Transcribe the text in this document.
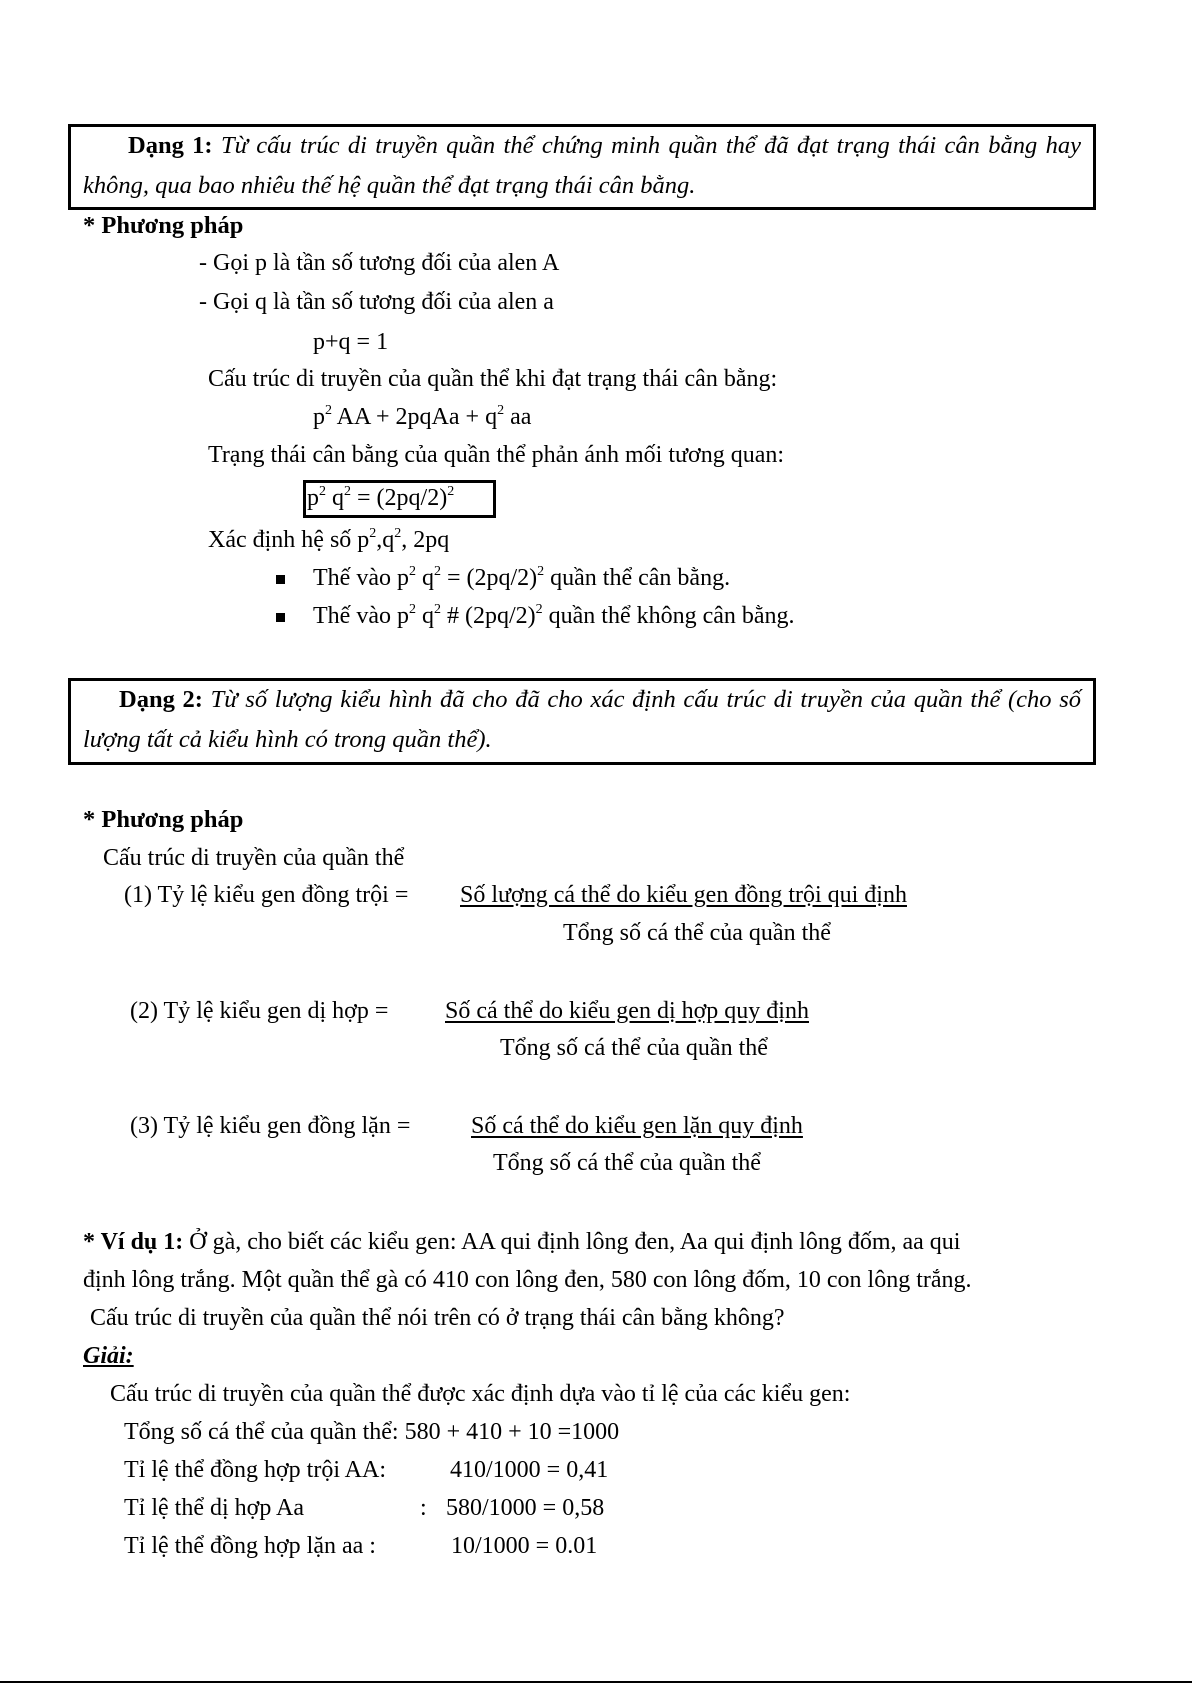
Dạng 1: Từ cấu trúc di truyền quần thể chứng minh quần thể đã đạt trạng thái cân bằng hay không, qua bao nhiêu thế hệ quần thể đạt trạng thái cân bằng.
* Phương pháp
- Gọi p là tần số tương đối của alen A
- Gọi q là tần số tương đối của alen a
p+q = 1
Cấu trúc di truyền của quần thể khi đạt trạng thái cân bằng:
$p^2$ AA + 2pqAa + $q^2$ aa
Trạng thái cân bằng của quần thể phản ánh mối tương quan:
$p^2$ $q^2 = (2pq/2)^2$
Xác định hệ số $p^2,q^2$, 2pq
Thế vào $p^2$ $q^2 = (2pq/2)^2$ quần thể cân bằng.
Thế vào $p^2$ $q^2$ # $(2pq/2)^2$ quần thể không cân bằng.
Dạng 2: Từ số lượng kiểu hình đã cho đã cho xác định cấu trúc di truyền của quần thể (cho số lượng tất cả kiểu hình có trong quần thể).
* Phương pháp
Cấu trúc di truyền của quần thể
(1) Tỷ lệ kiểu gen đồng trội = Số lượng cá thể do kiểu gen đồng trội qui định
Tổng số cá thể của quần thể
(2) Tỷ lệ kiểu gen dị hợp = Số cá thể do kiểu gen dị hợp quy định
Tổng số cá thể của quần thể
(3) Tỷ lệ kiểu gen đồng lặn =	Số cá thể do kiểu gen lặn quy định
Tổng số cá thể của quần thể
* Ví dụ 1: Ở gà, cho biết các kiểu gen: AA qui định lông đen, Aa qui định lông đốm, aa qui
định lông trắng. Một quần thể gà có 410 con lông đen, 580 con lông đốm, 10 con lông trắng.
Cấu trúc di truyền của quần thể nói trên có ở trạng thái cân bằng không?
Giải:
Cấu trúc di truyền của quần thể được xác định dựa vào tỉ lệ của các kiểu gen:
Tổng số cá thể của quần thể: 580 + 410 + 10 =1000
Tỉ lệ thể đồng hợp trội AA:	410/1000 = 0,41
Tỉ lệ thể dị hợp Aa	: 580/1000 = 0,58
Tỉ lệ thể đồng hợp lặn aa :	10/1000 = 0.01
